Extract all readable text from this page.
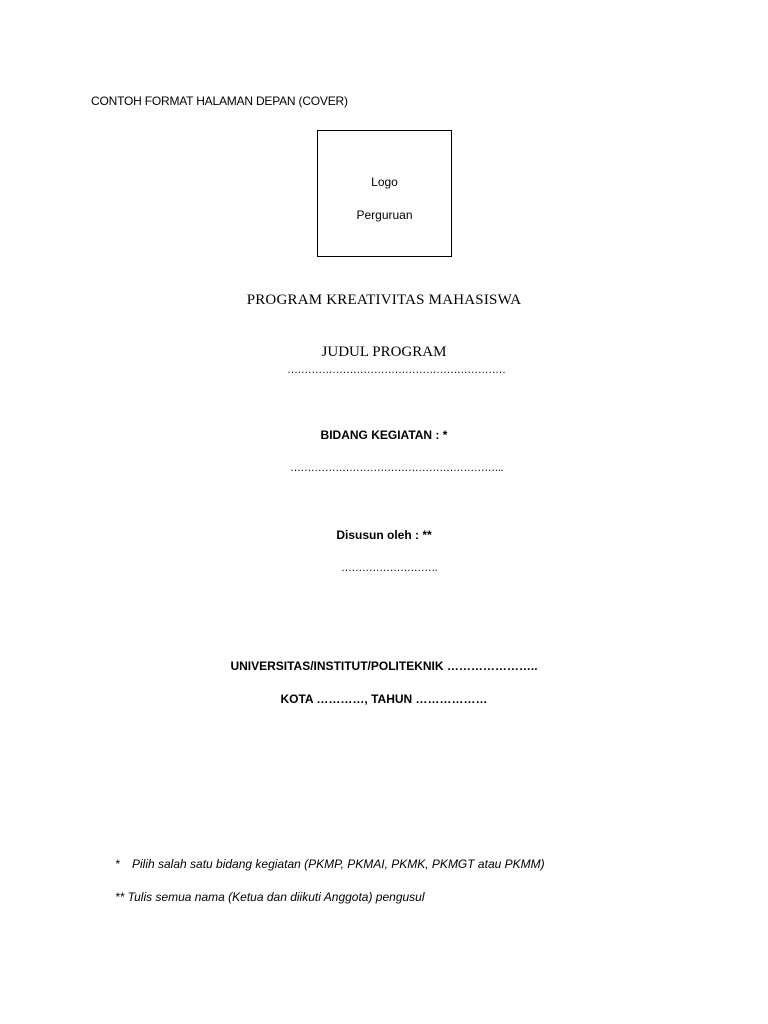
CONTOH FORMAT HALAMAN DEPAN (COVER)
Logo
Perguruan
PROGRAM KREATIVITAS MAHASISWA
JUDUL PROGRAM
………………………………………………………
BIDANG KEGIATAN : *
……………………………………………………..
Disusun oleh : **
……………………….
UNIVERSITAS/INSTITUT/POLITEKNIK …………………..
KOTA …………, TAHUN ………………
* Pilih salah satu bidang kegiatan (PKMP, PKMAI, PKMK, PKMGT atau PKMM)
** Tulis semua nama (Ketua dan diikuti Anggota) pengusul
